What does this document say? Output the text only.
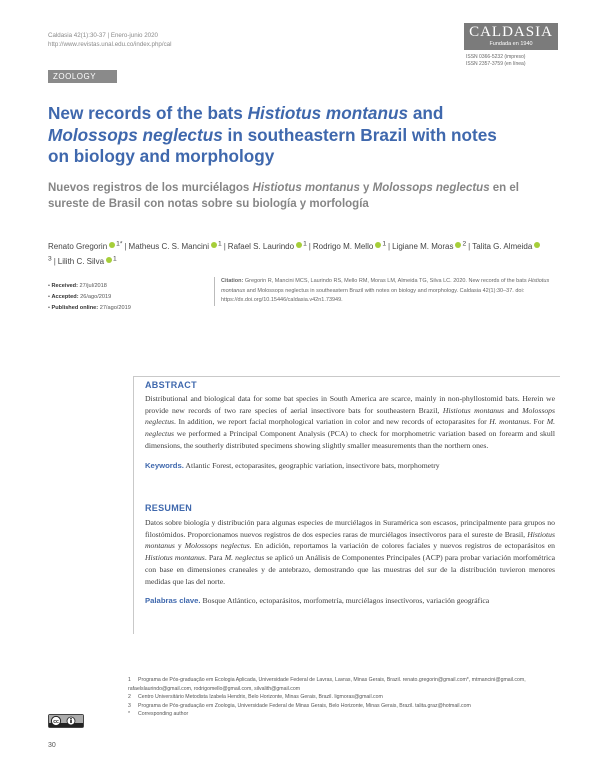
Caldasia 42(1):30-37 | Enero-junio 2020
http://www.revistas.unal.edu.co/index.php/cal
CALDASIA
Fundada en 1940
ISSN 0366-5232 (impreso)
ISSN 2357-3759 (en línea)
ZOOLOGY
New records of the bats Histiotus montanus and Molossops neglectus in southeastern Brazil with notes on biology and morphology
Nuevos registros de los murciélagos Histiotus montanus y Molossops neglectus en el sureste de Brasil con notas sobre su biología y morfología
Renato Gregorin $^{1*}$ | Matheus C. S. Mancini $^1$ | Rafael S. Laurindo $^1$ | Rodrigo M. Mello $^1$ | Ligiane M. Moras $^2$ | Talita G. Almeida$^3$ | Lilith C. Silva $^1$
• Received: 27/jul/2018
• Accepted: 26/ago/2019
• Published online: 27/ago/2019
Citation: Gregorin R, Mancini MCS, Laurindo RS, Mello RM, Moras LM, Almeida TG, Silva LC. 2020. New records of the bats Histiotus montanus and Molossops neglectus in southeastern Brazil with notes on biology and morphology. Caldasia 42(1):30–37. doi: https://dx.doi.org/10.15446/caldasia.v42n1.73949.
ABSTRACT
Distributional and biological data for some bat species in South America are scarce, mainly in non-phyllostomid bats. Herein we provide new records of two rare species of aerial insectivore bats for southeastern Brazil, Histiotus montanus and Molossops neglectus. In addition, we report facial morphological variation in color and new records of ectoparasites for H. montanus. For M. neglectus we performed a Principal Component Analysis (PCA) to check for morphometric variation based on forearm and skull dimensions, the southerly distributed specimens showing slightly smaller measurements than the northern ones.
Keywords. Atlantic Forest, ectoparasites, geographic variation, insectivore bats, morphometry
RESUMEN
Datos sobre biología y distribución para algunas especies de murciélagos in Suramérica son escasos, principalmente para grupos no filostómidos. Proporcionamos nuevos registros de dos especies raras de murciélagos insectívoros para el sureste de Brasil, Histiotus montanus y Molossops neglectus. En adición, reportamos la variación de colores faciales y nuevos registros de ectoparásitos en Histiotus montanus. Para M. neglectus se aplicó un Análisis de Componentes Principales (ACP) para probar variación morfométrica con base en dimensiones craneales y de antebrazo, demostrando que las muestras del sur de la distribución tuvieron menores medidas que las del norte.
Palabras clave. Bosque Atlántico, ectoparásitos, morfometría, murciélagos insectívoros, variación geográfica
1 Programa de Pós-graduação em Ecologia Aplicada, Universidade Federal de Lavras, Lavras, Minas Gerais, Brazil. renato.gregorin@gmail.com*, mtmancini@gmail.com, rafaelslaurindo@gmail.com, rodrigomello@gmail.com, silvalith@gmail.com
2 Centro Universitário Metodista Izabela Hendrix, Belo Horizonte, Minas Gerais, Brazil. ligmoras@gmail.com
3 Programa de Pós-graduação em Zoologia, Universidade Federal de Minas Gerais, Belo Horizonte, Minas Gerais, Brazil. talita.graz@hotmail.com
* Corresponding author
cc
30
